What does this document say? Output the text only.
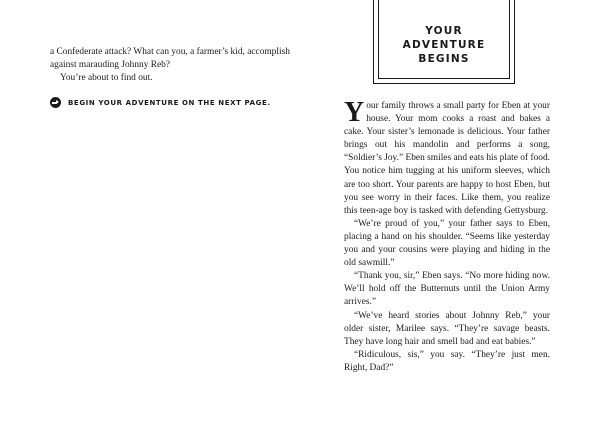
a Confederate attack? What can you, a farmer’s kid, accomplish against marauding Johnny Reb?

You’re about to find out.

BEGIN YOUR ADVENTURE ON THE NEXT PAGE.
YOUR ADVENTURE BEGINS

Y our family throws a small party for Eben at your house. Your mom cooks a roast and bakes a cake. Your sister’s lemonade is delicious. Your father brings out his mandolin and performs a song, “Soldier’s Joy.” Eben smiles and eats his plate of food. You notice him tugging at his uniform sleeves, which are too short. Your parents are happy to host Eben, but you see worry in their faces. Like them, you realize this teen-age boy is tasked with defending Gettysburg.

“We’re proud of you,” your father says to Eben, placing a hand on his shoulder. “Seems like yesterday you and your cousins were playing and hiding in the old sawmill.”

“Thank you, sir,” Eben says. “No more hiding now. We’ll hold off the Butternuts until the Union Army arrives.”

“We’ve heard stories about Johnny Reb,” your older sister, Marilee says. “They’re savage beasts. They have long hair and smell bad and eat babies.”

“Ridiculous, sis,” you say. “They’re just men. Right, Dad?”
